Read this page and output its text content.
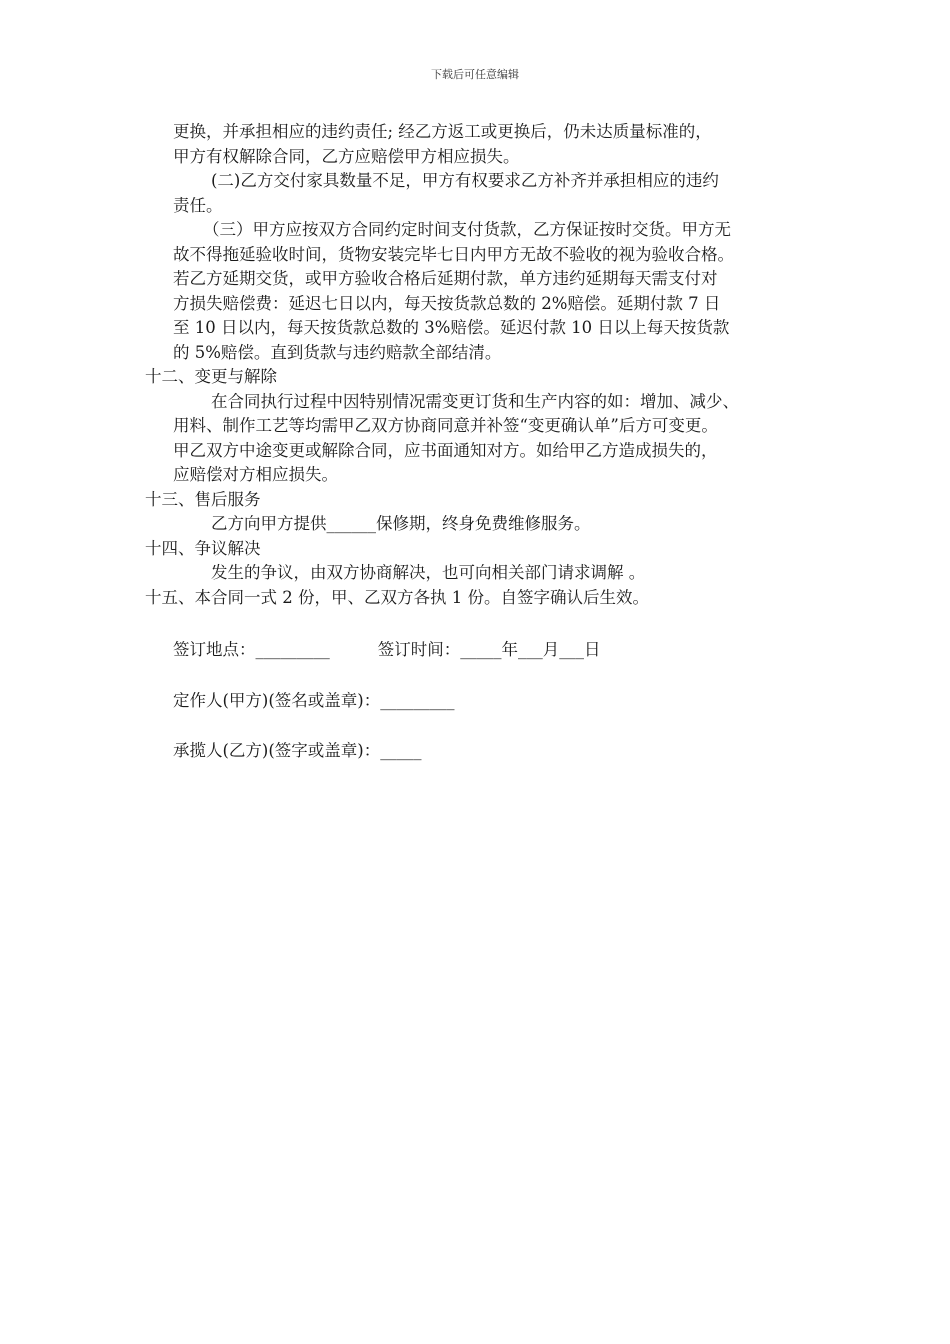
下载后可任意编辑
更换，并承担相应的违约责任; 经乙方返工或更换后，仍未达质量标准的，
甲方有权解除合同，乙方应赔偿甲方相应损失。
(二)乙方交付家具数量不足，甲方有权要求乙方补齐并承担相应的违约
责任。
（三）甲方应按双方合同约定时间支付货款，乙方保证按时交货。甲方无
故不得拖延验收时间，货物安装完毕七日内甲方无故不验收的视为验收合格。
若乙方延期交货，或甲方验收合格后延期付款，单方违约延期每天需支付对
方损失赔偿费：延迟七日以内，每天按货款总数的 2%赔偿。延期付款 7 日
至 10 日以内，每天按货款总数的 3%赔偿。延迟付款 10 日以上每天按货款
的 5%赔偿。直到货款与违约赔款全部结清。
十二、变更与解除
在合同执行过程中因特别情况需变更订货和生产内容的如：增加、减少、
用料、制作工艺等均需甲乙双方协商同意并补签“变更确认单”后方可变更。
甲乙双方中途变更或解除合同，应书面通知对方。如给甲乙方造成损失的，
应赔偿对方相应损失。
十三、售后服务
乙方向甲方提供______保修期，终身免费维修服务。
十四、争议解决
发生的争议，由双方协商解决，也可向相关部门请求调解 。
十五、本合同一式 2 份，甲、乙双方各执 1 份。自签字确认后生效。
签订地点：_________	签订时间：_____年___月___日
定作人(甲方)(签名或盖章)：_________
承揽人(乙方)(签字或盖章)：_____
